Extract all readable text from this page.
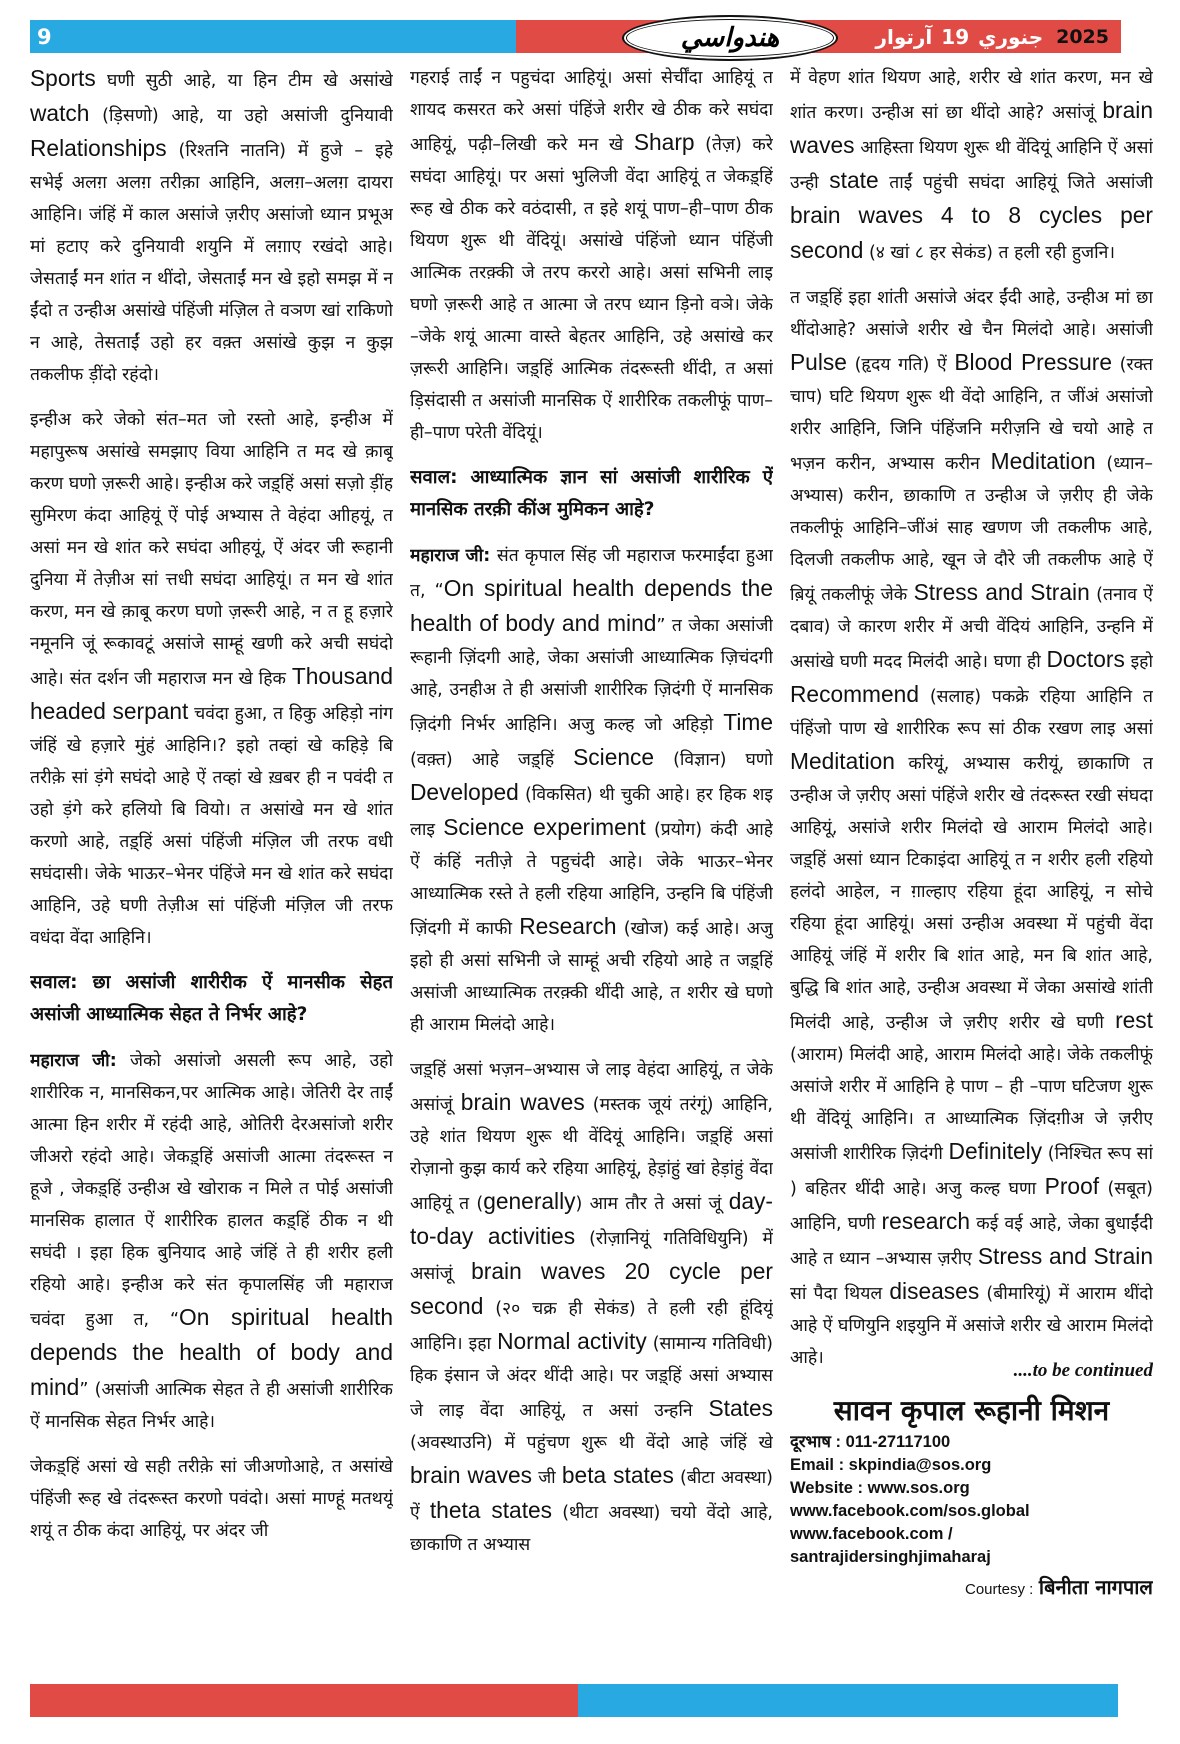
9	آرتوار 19 جنوري 2025
هندواسي

Sports घणी सुठी आहे, या हिन टीम खे असांखे watch (ड़िसणो) आहे, या उहो असांजी दुनियावी Relationships (रिश्तनि नातनि) में हुजे – इहे सभेई अलग़ अलग़ तरीक़ा आहिनि, अलग़–अलग़ दायरा आहिनि। जंहिं में काल असांजे ज़रीए असांजो ध्यान प्रभूअ मां हटाए करे दुनियावी शयुनि में लग़ाए रखंदो आहे। जेसताईं मन शांत न थींदो, जेसताईं मन खे इहो समझ में न ईंदो त उन्हीअ असांखे पंहिंजी मंज़िल ते वञण खां राकिणो न आहे, तेसताईं उहो हर वक़्त असांखे कुझ न कुझ तकलीफ ड़ींदो रहंदो।

इन्हीअ करे जेको संत–मत जो रस्तो आहे, इन्हीअ में महापुरूष असांखे समझाए विया आहिनि त मद खे क़ाबू करण घणो ज़रूरी आहे। इन्हीअ करे जड़्हिं असां सज़ो ड़ींह सुमिरण कंदा आहियूं ऐं पोई अभ्यास ते वेहंदा आीहयूं, त असां मन खे शांत करे सघंदा आीहयूं, ऐं अंदर जी रूहानी दुनिया में तेज़ीअ सां त्तधी सघंदा आहियूं। त मन खे शांत करण, मन खे क़ाबू करण घणो ज़रूरी आहे, न त हू हज़ारे नमूननि जूं रूकावटूं असांजे साम्हूं खणी करे अची सघंदो आहे। संत दर्शन जी महाराज मन खे हिक Thousand headed serpant चवंदा हुआ, त हिकु अहिड़ो नांग जंहिं खे हज़ारे मुंहं आहिनि।? इहो तव्हां खे कहिड़े बि तरीक़े सां ड़ंगे सघंदो आहे ऐं तव्हां खे ख़बर ही न पवंदी त उहो ड़ंगे करे हलियो बि वियो। त असांखे मन खे शांत करणो आहे, तड़्हिं असां पंहिंजी मंज़िल जी तरफ वधी सघंदासी। जेके भाऊर–भेनर पंहिंजे मन खे शांत करे सघंदा आहिनि, उहे घणी तेज़ीअ सां पंहिंजी मंज़िल जी तरफ वधंदा वेंदा आहिनि।

सवाल: छा असांजी शारीरीक ऐं मानसीक सेहत असांजी आध्यात्मिक सेहत ते निर्भर आहे?

महाराज जी: जेको असांजो असली रूप आहे, उहो शारीरिक न, मानसिकन,पर आत्मिक आहे। जेतिरी देर ताईं आत्मा हिन शरीर में रहंदी आहे, ओतिरी देरअसांजो शरीर जीअरो रहंदो आहे। जेकड़्हिं असांजी आत्मा तंदरूस्त न हूजे , जेकड़्हिं उन्हीअ खे खोराक न मिले त पोई असांजी मानसिक हालात ऐं शारीरिक हालत कड़्हिं ठीक न थी सघंदी । इहा हिक बुनियाद आहे जंहिं ते ही शरीर हली रहियो आहे। इन्हीअ करे संत कृपालसिंह जी महाराज चवंदा हुआ त, “On spiritual health depends the health of body and mind” (असांजी आत्मिक सेहत ते ही असांजी शारीरिक ऐं मानसिक सेहत निर्भर आहे।

जेकड़्हिं असां खे सही तरीक़े सां जीअणोआहे, त असांखे पंहिंजी रूह खे तंदरूस्त करणो पवंदो। असां माण्हूं मतथयूं शयूं त ठीक कंदा आहियूं, पर अंदर जी

गहराई ताईं न पहुचंदा आहियूं। असां सेर्चींदा आहियूं त शायद कसरत करे असां पंहिंजे शरीर खे ठीक करे सघंदा आहियूं, पढ़ी–लिखी करे मन खे Sharp (तेज़) करे सघंदा आहियूं। पर असां भुलिजी वेंदा आहियूं त जेकड़्हिं रूह खे ठीक करे वठंदासी, त इहे शयूं पाण–ही–पाण ठीक थियण शुरू थी वेंदियूं। असांखे पंहिंजो ध्यान पंहिंजी आत्मिक तरक़्की जे तरप कररो आहे। असां सभिनी लाइ घणो ज़रूरी आहे त आत्मा जे तरप ध्यान ड़िनो वञे। जेके –जेके शयूं आत्मा वास्ते बेहतर आहिनि, उहे असांखे कर ज़रूरी आहिनि। जड़्हिं आत्मिक तंदरूस्ती थींदी, त असां ड़िसंदासी त असांजी मानसिक ऐं शारीरिक तकलीफूं पाण–ही–पाण परेती वेंदियूं।

सवाल: आध्यात्मिक ज्ञान सां असांजी शारीरिक ऐं मानसिक तरक़ी कींअ मुमिकन आहे?

महाराज जी: संत कृपाल सिंह जी महाराज फरमाईंदा हुआ त, “On spiritual health depends the health of body and mind” त जेका असांजी रूहानी ज़िंदगी आहे, जेका असांजी आध्यात्मिक ज़िचंदगी आहे, उनहीअ ते ही असांजी शारीरिक ज़िदंगी ऐं मानसिक ज़िदंगी निर्भर आहिनि। अजु कल्ह जो अहिड़ो Time (वक़्त) आहे जड़्हिं Science (विज्ञान) घणो Developed (विकसित) थी चुकी आहे। हर हिक शइ लाइ Science experiment (प्रयोग) कंदी आहे ऐं कंहिं नतीज़े ते पहुचंदी आहे। जेके भाऊर–भेनर आध्यात्मिक रस्ते ते हली रहिया आहिनि, उन्हनि बि पंहिंजी ज़िंदगी में काफी Research (खोज) कई आहे। अजु इहो ही असां सभिनी जे साम्हूं अची रहियो आहे त जड़्हिं असांजी आध्यात्मिक तरक़्की थींदी आहे, त शरीर खे घणो ही आराम मिलंदो आहे।

जड़्हिं असां भज़न–अभ्यास जे लाइ वेहंदा आहियूं, त जेके असांजूं brain waves (मस्तक जूयं तरंगूं) आहिनि, उहे शांत थियण शुरू थी वेंदियूं आहिनि। जड़्हिं असां रोज़ानो कुझ कार्य करे रहिया आहियूं, हेड़ांहुं खां हेड़ांहुं वेंदा आहियूं त (generally) आम तौर ते असां जूं day-to-day activities (रोज़ानियूं गतिविधियुनि) में असांजूं brain waves 20 cycle per second (२० चक्र ही सेकंड) ते हली रही हूंदियूं आहिनि। इहा Normal activity (सामान्य गतिविधी) हिक इंसान जे अंदर थींदी आहे। पर जड़्हिं असां अभ्यास जे लाइ वेंदा आहियूं, त असां उन्हनि States (अवस्थाउनि) में पहुंचण शुरू थी वेंदो आहे जंहिं खे brain waves जी beta states (बीटा अवस्था) ऐं theta states (थीटा अवस्था) चयो वेंदो आहे, छाकाणि त अभ्यास

में वेहण शांत थियण आहे, शरीर खे शांत करण, मन खे शांत करण। उन्हीअ सां छा थींदो आहे? असांजूं brain waves आहिस्ता थियण शुरू थी वेंदियूं आहिनि ऐं असां उन्ही state ताईं पहुंची सघंदा आहियूं जिते असांजी brain waves 4 to 8 cycles per second (४ खां ८ हर सेकंड) त हली रही हुजनि।

त जड़्हिं इहा शांती असांजे अंदर ईंदी आहे, उन्हीअ मां छा थींदोआहे? असांजे शरीर खे चैन मिलंदो आहे। असांजी Pulse (हृदय गति) ऐं Blood Pressure (रक्त चाप) घटि थियण शुरू थी वेंदो आहिनि, त जींअं असांजो शरीर आहिनि, जिनि पंहिंजनि मरीज़नि खे चयो आहे त भज़न करीन, अभ्यास करीन Meditation (ध्यान–अभ्यास) करीन, छाकाणि त उन्हीअ जे ज़रीए ही जेके तकलीफूं आहिनि–जींअं साह खणण जी तकलीफ आहे, दिलजी तकलीफ आहे, खून जे दौरे जी तकलीफ आहे ऐं ब़ियूं तकलीफूं जेके Stress and Strain (तनाव ऐं दबाव) जे कारण शरीर में अची वेंदियं आहिनि, उन्हनि में असांखे घणी मदद मिलंदी आहे। घणा ही Doctors इहो Recommend (सलाह) पकक्रे रहिया आहिनि त पंहिंजो पाण खे शारीरिक रूप सां ठीक रखण लाइ असां Meditation करियूं, अभ्यास करीयूं, छाकाणि त उन्हीअ जे ज़रीए असां पंहिंजे शरीर खे तंदरूस्त रखी संघदा आहियूं, असांजे शरीर मिलंदो खे आराम मिलंदो आहे। जड़्हिं असां ध्यान टिकाइंदा आहियूं त न शरीर हली रहियो हलंदो आहेल, न ग़ाल्हाए रहिया हूंदा आहियूं, न सोचे रहिया हूंदा आहियूं। असां उन्हीअ अवस्था में पहुंची वेंदा आहियूं जंहिं में शरीर बि शांत आहे, मन बि शांत आहे, बुद्धि बि शांत आहे, उन्हीअ अवस्था में जेका असांखे शांती मिलंदी आहे, उन्हीअ जे ज़रीए शरीर खे घणी rest (आराम) मिलंदी आहे, आराम मिलंदो आहे। जेके तकलीफूं असांजे शरीर में आहिनि हे पाण – ही –पाण घटिजण शुरू थी वेंदियूं आहिनि। त आध्यात्मिक ज़िंदग़ीअ जे ज़रीए असांजी शारीरिक ज़िदंगी Definitely (निश्चित रूप सां ) बहितर थींदी आहे। अजु कल्ह घणा Proof (सबूत) आहिनि, घणी research कई वई आहे, जेका बुधाईंदी आहे त ध्यान –अभ्यास ज़रीए Stress and Strain सां पैदा थियल diseases (बीमारियूं) में आराम थींदो आहे ऐं घणियुनि शइयुनि में असांजे शरीर खे आराम मिलंदो आहे।

....to be continued
सावन कृपाल रूहानी मिशन
दूरभाष : 011-27117100
Email : skpindia@sos.org
Website : www.sos.org
www.facebook.com/sos.global
www.facebook.com / santrajidersinghjimaharaj
Courtesy : बिनीता नागपाल
